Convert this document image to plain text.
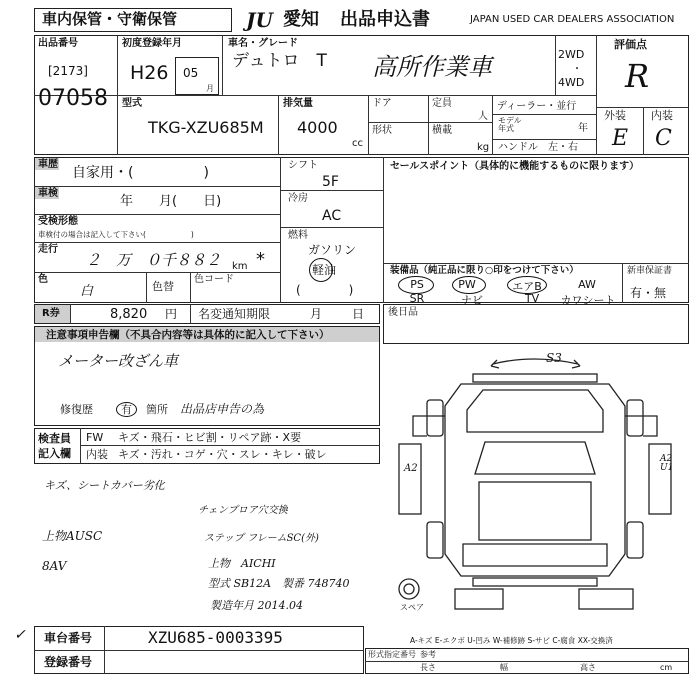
車内保管・守衛保管	JU 愛知 出品申込書	JAPAN USED CAR DEALERS ASSOCIATION
出品番号
[2173]
07058
初度登録年月
H26 05
月
車名・グレード
デュトロ　T 高所作業車	2WD
・
4WD
評価点
R
外装 内装
E C
型式
TKG-XZU685M
排気量
4000
cc
ドア	定員
人
形状	横載
kg
ディーラー・並行
モデル
年式	年
ハンドル　左・右
車歴
自家用・(　　　　　)
車検
年　　月(　　日)
受検形態
車検付の場合は記入して下さい(　　　　　　)
走行
２　万　０千８８２ km *
色
白	色替
色コード
シフト
5F
冷房
AC
燃料
ガソリン
軽油
(　　　　)
セールスポイント（具体的に機能するものに限ります）
装備品（純正品に限り○印をつけて下さい）
PS	PW	エアB	AW
SR	ナビ	TV	カワシート
新車保証書
有・無
R券	8,820 円 名変通知期限	月 日 後日品
注意事項申告欄（不具合内容等は具体的に記入して下さい）
メーター改ざん車
修復歴	有	箇所 出品店申告の為
検査員
記入欄
FW キズ・飛石・ヒビ割・リペア跡・X要
内装 キズ・汚れ・コゲ・穴・スレ・キレ・破レ
キズ、シートカバー劣化
上物AUSC
8AV
チェンプロア穴交換
ステップ フレームSC(外)
上物　AICHI
型式 SB12A　製番 748740
製造年月 2014.04
S3
A2
A2 U1
スペア
A-キズ E-エクボ U-凹み W-補修跡 S-サビ C-腐食 XX-交換済
形式指定番号 参考
長さ	幅	高さ	cm
車台番号	XZU685-0003395
登録番号
✓
